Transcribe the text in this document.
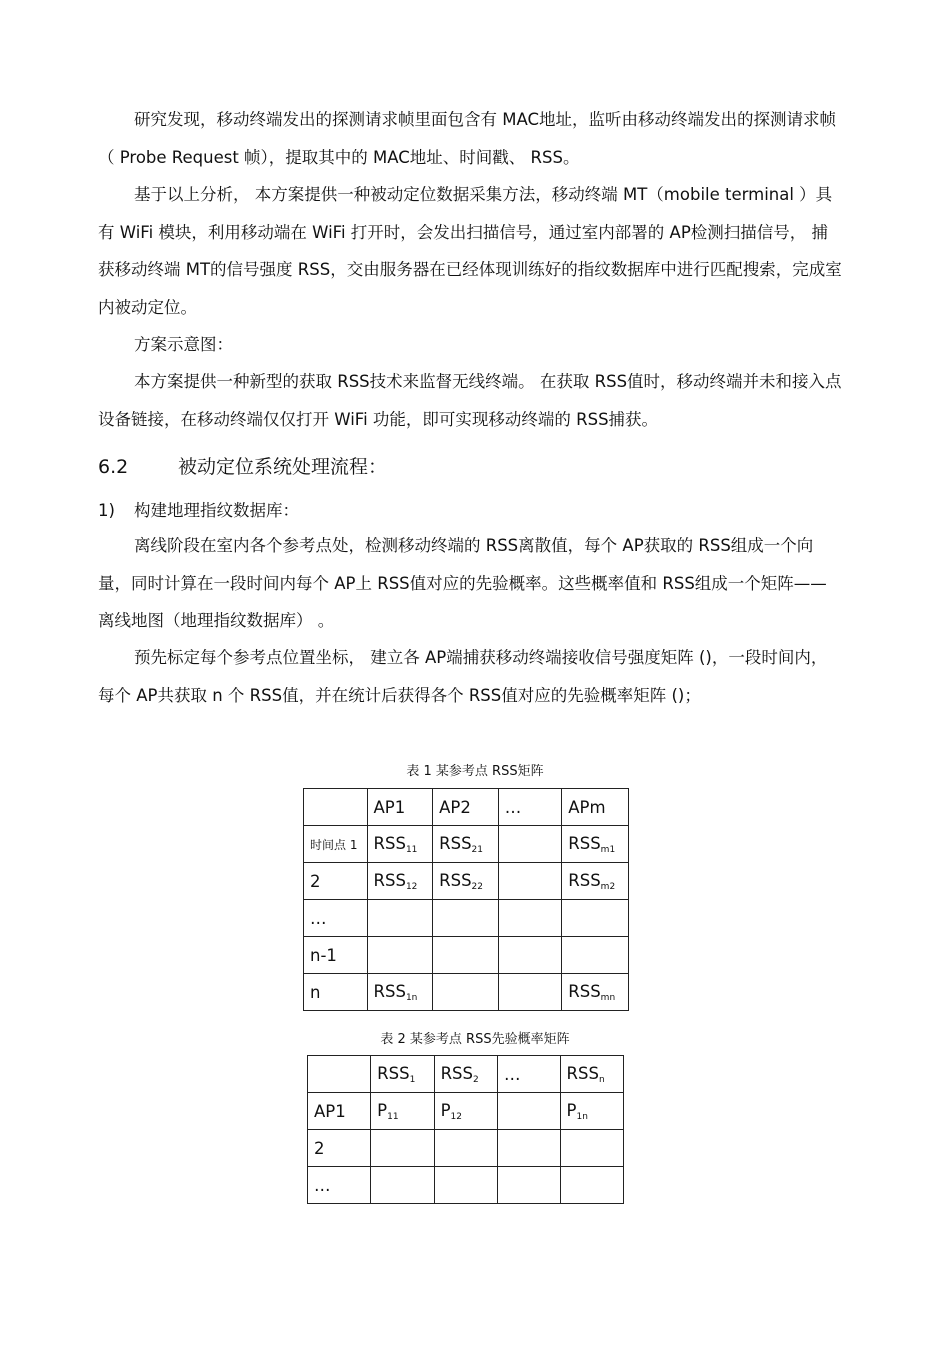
研究发现，移动终端发出的探测请求帧里面包含有 MAC地址，监听由移动终端发出的探测请求帧（ Probe Request 帧），提取其中的 MAC地址、时间戳、 RSS。

基于以上分析， 本方案提供一种被动定位数据采集方法，移动终端 MT（mobile terminal ）具有 WiFi 模块，利用移动端在 WiFi 打开时，会发出扫描信号，通过室内部署的 AP检测扫描信号， 捕获移动终端 MT的信号强度 RSS，交由服务器在已经体现训练好的指纹数据库中进行匹配搜索，完成室内被动定位。

方案示意图：

本方案提供一种新型的获取 RSS技术来监督无线终端。 在获取 RSS值时，移动终端并未和接入点设备链接，在移动终端仅仅打开 WiFi 功能，即可实现移动终端的 RSS捕获。

6.2	被动定位系统处理流程：

1) 构建地理指纹数据库：

离线阶段在室内各个参考点处，检测移动终端的 RSS离散值，每个 AP获取的 RSS组成一个向量，同时计算在一段时间内每个 AP上 RSS值对应的先验概率。这些概率值和 RSS组成一个矩阵——离线地图（地理指纹数据库） 。

预先标定每个参考点位置坐标， 建立各 AP端捕获移动终端接收信号强度矩阵 ()，一段时间内，每个 AP共获取 n 个 RSS值，并在统计后获得各个 RSS值对应的先验概率矩阵 ()；

表 1 某参考点 RSS矩阵

	AP1	AP2	…	APm
时间点 1	$RSS_{11}$	$RSS_{21}$		$RSS_{m1}$
2	$RSS_{12}$	$RSS_{22}$		$RSS_{m2}$
…				
n-1				
n	$RSS_{1n}$			$RSS_{mn}$

表 2 某参考点 RSS先验概率矩阵

	$RSS_1$	$RSS_2$	…	$RSS_n$
AP1	$P_{11}$	$P_{12}$		$P_{1n}$
2				
…				
